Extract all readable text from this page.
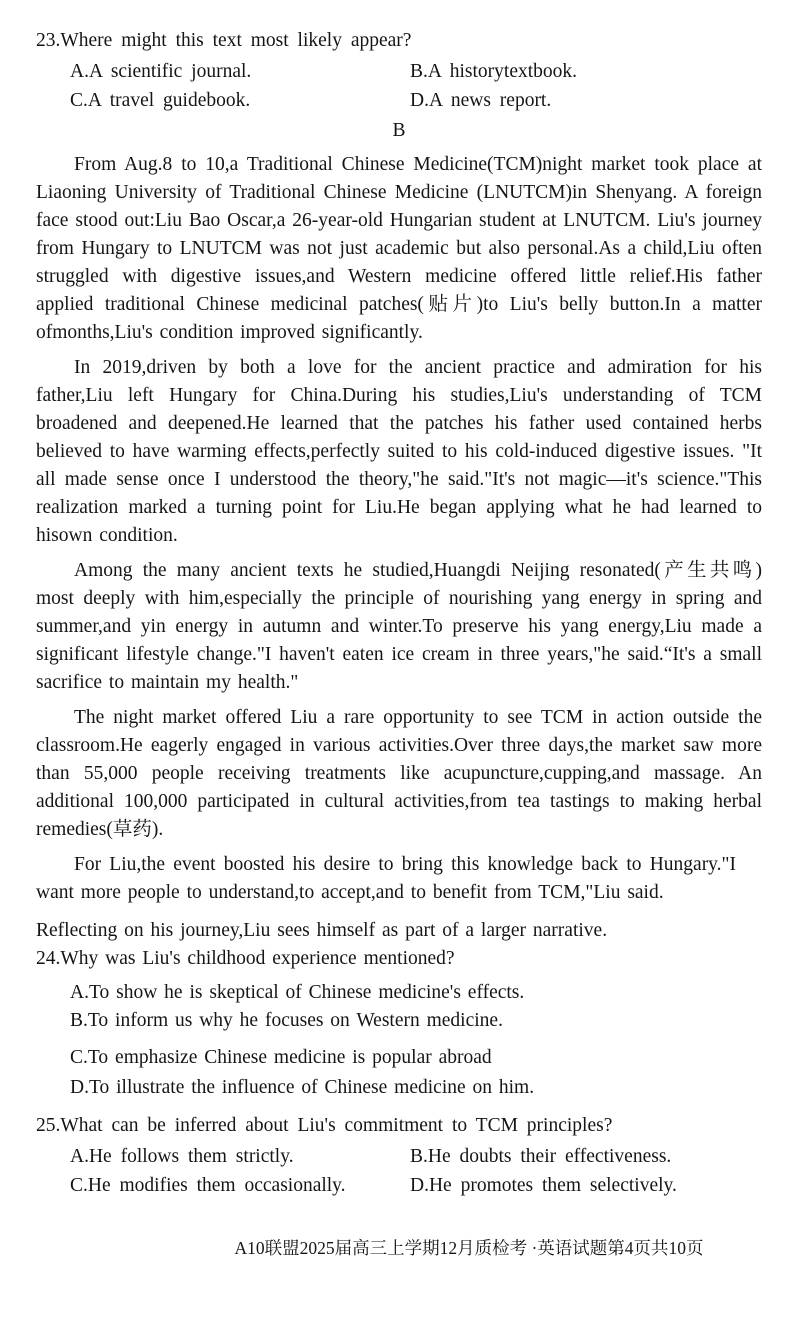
23.Where might this text most likely appear?
A.A scientific journal.	B.A historytextbook.
C.A travel guidebook.	D.A news report.
B

From Aug.8 to 10,a Traditional Chinese Medicine(TCM)night market took place at Liaoning University of Traditional Chinese Medicine (LNUTCM)in Shenyang. A foreign face stood out:Liu Bao Oscar,a 26-year-old Hungarian student at LNUTCM. Liu's journey from Hungary to LNUTCM was not just academic but also personal.As a child,Liu often struggled with digestive issues,and Western medicine offered little relief.His father applied traditional Chinese medicinal patches(贴片)to Liu's belly button.In a matter ofmonths,Liu's condition improved significantly.

In 2019,driven by both a love for the ancient practice and admiration for his father,Liu left Hungary for China.During his studies,Liu's understanding of TCM broadened and deepened.He learned that the patches his father used contained herbs believed to have warming effects,perfectly suited to his cold-induced digestive issues. "It all made sense once I understood the theory,"he said."It's not magic—it's science."This realization marked a turning point for Liu.He began applying what he had learned to hisown condition.

Among the many ancient texts he studied,Huangdi Neijing resonated(产生共鸣) most deeply with him,especially the principle of nourishing yang energy in spring and summer,and yin energy in autumn and winter.To preserve his yang energy,Liu made a significant lifestyle change."I haven't eaten ice cream in three years,"he said.“It's a small sacrifice to maintain my health."

The night market offered Liu a rare opportunity to see TCM in action outside the classroom.He eagerly engaged in various activities.Over three days,the market saw more than 55,000 people receiving treatments like acupuncture,cupping,and massage. An additional 100,000 participated in cultural activities,from tea tastings to making herbal remedies(草药).

For Liu,the event boosted his desire to bring this knowledge back to Hungary."I want more people to understand,to accept,and to benefit from TCM,"Liu said.

Reflecting on his journey,Liu sees himself as part of a larger narrative. 24.Why was Liu's childhood experience mentioned?
A.To show he is skeptical of Chinese medicine's effects. B.To inform us why he focuses on Western medicine.
C.To emphasize Chinese medicine is popular abroad
D.To illustrate the influence of Chinese medicine on him.
25.What can be inferred about Liu's commitment to TCM principles?
A.He follows them strictly.	B.He doubts their effectiveness.
C.He modifies them occasionally.	D.He promotes them selectively.
A10联盟2025届高三上学期12月质检考 ·英语试题第4页共10页
